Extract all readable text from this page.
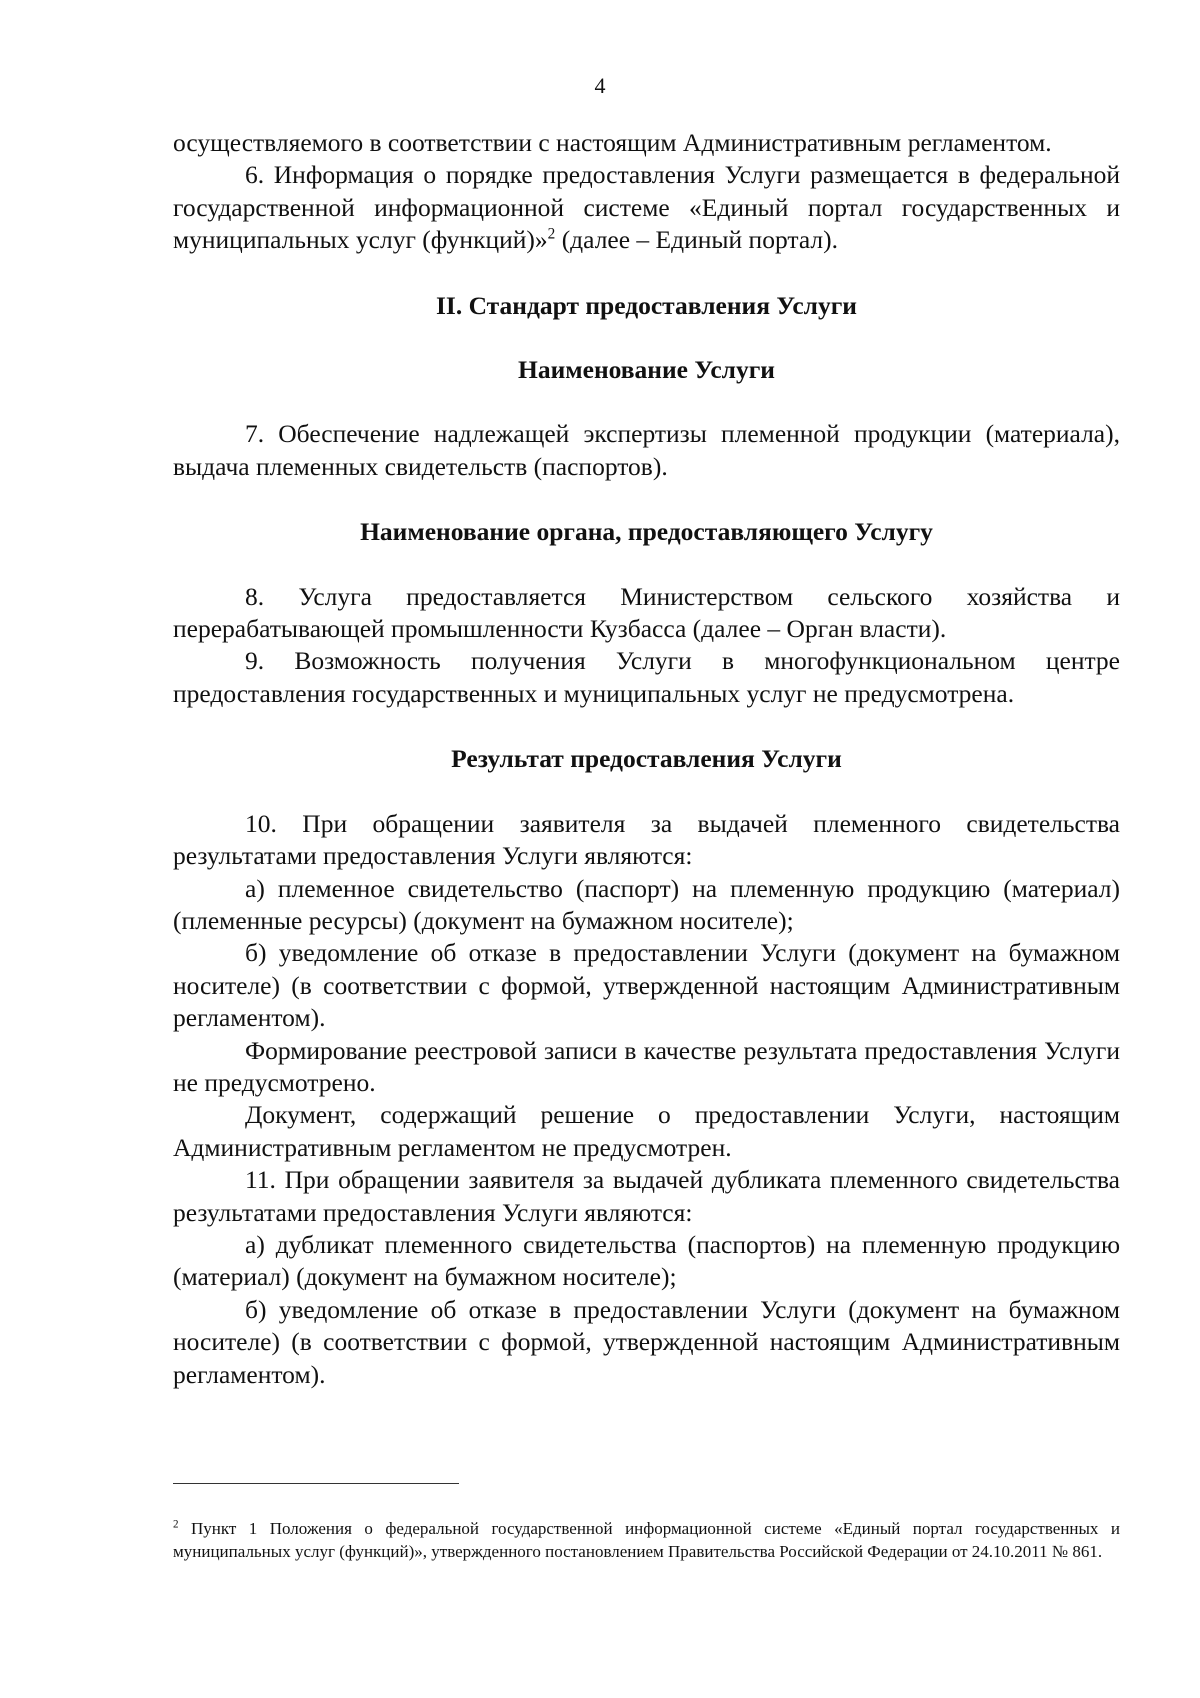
4

осуществляемого в соответствии с настоящим Административным регламентом.

6. Информация о порядке предоставления Услуги размещается в федеральной государственной информационной системе «Единый портал государственных и муниципальных услуг (функций)»$^2$ (далее – Единый портал).

II. Стандарт предоставления Услуги

Наименование Услуги

7. Обеспечение надлежащей экспертизы племенной продукции (материала), выдача племенных свидетельств (паспортов).

Наименование органа, предоставляющего Услугу

8. Услуга предоставляется Министерством сельского хозяйства и перерабатывающей промышленности Кузбасса (далее – Орган власти).

9. Возможность получения Услуги в многофункциональном центре предоставления государственных и муниципальных услуг не предусмотрена.

Результат предоставления Услуги

10. При обращении заявителя за выдачей племенного свидетельства результатами предоставления Услуги являются:

а) племенное свидетельство (паспорт) на племенную продукцию (материал) (племенные ресурсы) (документ на бумажном носителе);

б) уведомление об отказе в предоставлении Услуги (документ на бумажном носителе) (в соответствии с формой, утвержденной настоящим Административным регламентом).

Формирование реестровой записи в качестве результата предоставления Услуги не предусмотрено.

Документ, содержащий решение о предоставлении Услуги, настоящим Административным регламентом не предусмотрен.

11. При обращении заявителя за выдачей дубликата племенного свидетельства результатами предоставления Услуги являются:

а) дубликат племенного свидетельства (паспортов) на племенную продукцию (материал) (документ на бумажном носителе);

б) уведомление об отказе в предоставлении Услуги (документ на бумажном носителе) (в соответствии с формой, утвержденной настоящим Административным регламентом).

$^2$ Пункт 1 Положения о федеральной государственной информационной системе «Единый портал государственных и муниципальных услуг (функций)», утвержденного постановлением Правительства Российской Федерации от 24.10.2011 № 861.
